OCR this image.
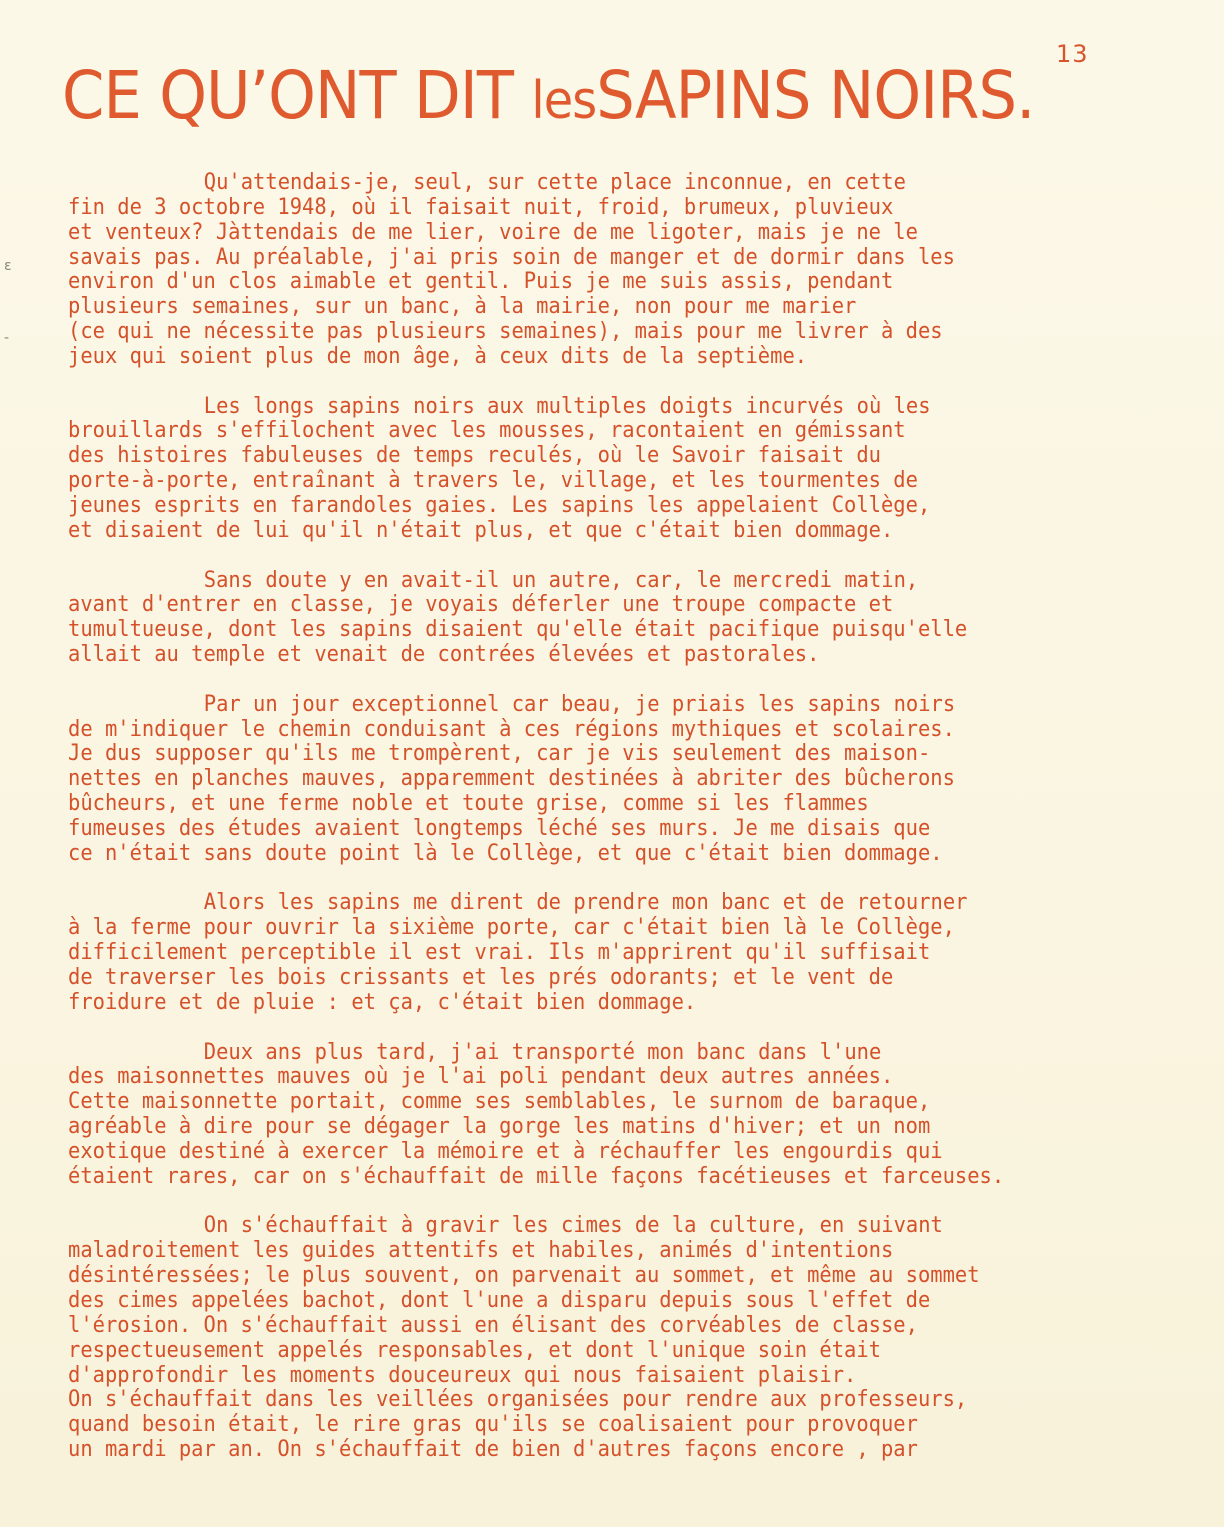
13
CE QU’ONT DIT lesSAPINS NOIRS.
ɛ
-
Qu'attendais-je, seul, sur cette place inconnue, en cette
fin de 3 octobre 1948, où il faisait nuit, froid, brumeux, pluvieux
et venteux? Jàttendais de me lier, voire de me ligoter, mais je ne le
savais pas. Au préalable, j'ai pris soin de manger et de dormir dans les
environ d'un clos aimable et gentil. Puis je me suis assis, pendant
plusieurs semaines, sur un banc, à la mairie, non pour me marier
(ce qui ne nécessite pas plusieurs semaines), mais pour me livrer à des
jeux qui soient plus de mon âge, à ceux dits de la septième.
Les longs sapins noirs aux multiples doigts incurvés où les
brouillards s'effilochent avec les mousses, racontaient en gémissant
des histoires fabuleuses de temps reculés, où le Savoir faisait du
porte-à-porte, entraînant à travers le, village, et les tourmentes de
jeunes esprits en farandoles gaies. Les sapins les appelaient Collège,
et disaient de lui qu'il n'était plus, et que c'était bien dommage.
Sans doute y en avait-il un autre, car, le mercredi matin,
avant d'entrer en classe, je voyais déferler une troupe compacte et
tumultueuse, dont les sapins disaient qu'elle était pacifique puisqu'elle
allait au temple et venait de contrées élevées et pastorales.
Par un jour exceptionnel car beau, je priais les sapins noirs
de m'indiquer le chemin conduisant à ces régions mythiques et scolaires.
Je dus supposer qu'ils me trompèrent, car je vis seulement des maison-
nettes en planches mauves, apparemment destinées à abriter des bûcherons
bûcheurs, et une ferme noble et toute grise, comme si les flammes
fumeuses des études avaient longtemps léché ses murs. Je me disais que
ce n'était sans doute point là le Collège, et que c'était bien dommage.
Alors les sapins me dirent de prendre mon banc et de retourner
à la ferme pour ouvrir la sixième porte, car c'était bien là le Collège,
difficilement perceptible il est vrai. Ils m'apprirent qu'il suffisait
de traverser les bois crissants et les prés odorants; et le vent de
froidure et de pluie : et ça, c'était bien dommage.
Deux ans plus tard, j'ai transporté mon banc dans l'une
des maisonnettes mauves où je l'ai poli pendant deux autres années.
Cette maisonnette portait, comme ses semblables, le surnom de baraque,
agréable à dire pour se dégager la gorge les matins d'hiver; et un nom
exotique destiné à exercer la mémoire et à réchauffer les engourdis qui
étaient rares, car on s'échauffait de mille façons facétieuses et farceuses.
On s'échauffait à gravir les cimes de la culture, en suivant
maladroitement les guides attentifs et habiles, animés d'intentions
désintéressées; le plus souvent, on parvenait au sommet, et même au sommet
des cimes appelées bachot, dont l'une a disparu depuis sous l'effet de
l'érosion. On s'échauffait aussi en élisant des corvéables de classe,
respectueusement appelés responsables, et dont l'unique soin était
d'approfondir les moments douceureux qui nous faisaient plaisir.
On s'échauffait dans les veillées organisées pour rendre aux professeurs,
quand besoin était, le rire gras qu'ils se coalisaient pour provoquer
un mardi par an. On s'échauffait de bien d'autres façons encore , par
